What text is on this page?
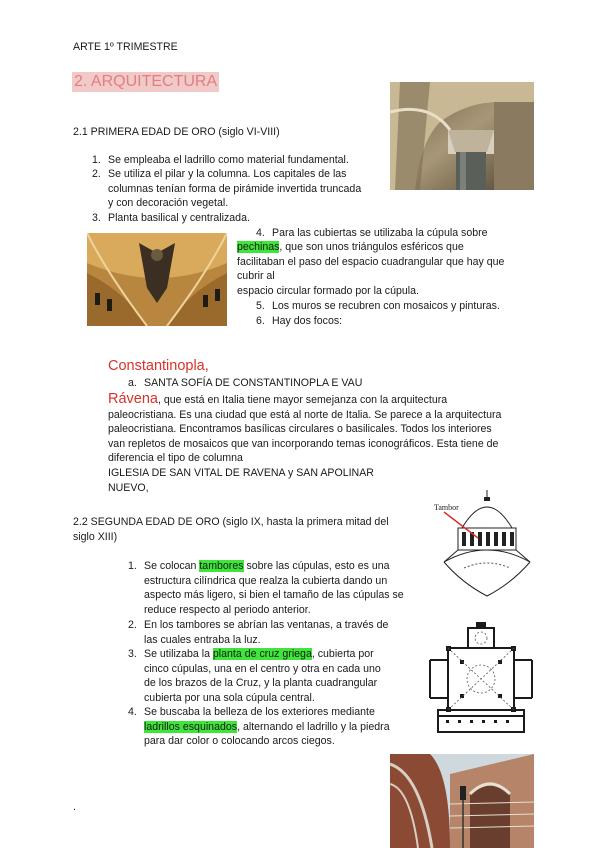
ARTE 1º TRIMESTRE
2. ARQUITECTURA
2.1 PRIMERA EDAD DE ORO (siglo VI-VIII)
1. Se empleaba el ladrillo como material fundamental.
2. Se utiliza el pilar y la columna. Los capitales de las
columnas tenían forma de pirámide invertida truncada
y con decoración vegetal.
3. Planta basilical y centralizada.
4. Para las cubiertas se utilizaba la cúpula sobre
pechinas, que son unos triángulos esféricos que
facilitaban el paso del espacio cuadrangular que hay que
cubrir al
espacio circular formado por la cúpula.
5. Los muros se recubren con mosaicos y pinturas.
6. Hay dos focos:
Constantinopla,
a. SANTA SOFÍA DE CONSTANTINOPLA E VAU
Rávena, que está en Italia tiene mayor semejanza con la arquitectura
paleocristiana. Es una ciudad que está al norte de Italia. Se parece a la arquitectura
paleocristiana. Encontramos basílicas circulares o basilicales. Todos los interiores
van repletos de mosaicos que van incorporando temas iconográficos. Esta tiene de
diferencia el tipo de columna
IGLESIA DE SAN VITAL DE RAVENA y SAN APOLINAR
NUEVO,
2.2 SEGUNDA EDAD DE ORO (siglo IX, hasta la primera mitad del
siglo XIII)
Tambor
1. Se colocan tambores sobre las cúpulas, esto es una
estructura cilíndrica que realza la cubierta dando un
aspecto más ligero, si bien el tamaño de las cúpulas se
reduce respecto al periodo anterior.
2. En los tambores se abrían las ventanas, a través de
las cuales entraba la luz.
3. Se utilizaba la planta de cruz griega, cubierta por
cinco cúpulas, una en el centro y otra en cada uno
de los brazos de la Cruz, y la planta cuadrangular
cubierta por una sola cúpula central.
4. Se buscaba la belleza de los exteriores mediante
ladrillos esquinados, alternando el ladrillo y la piedra
para dar color o colocando arcos ciegos.
.
